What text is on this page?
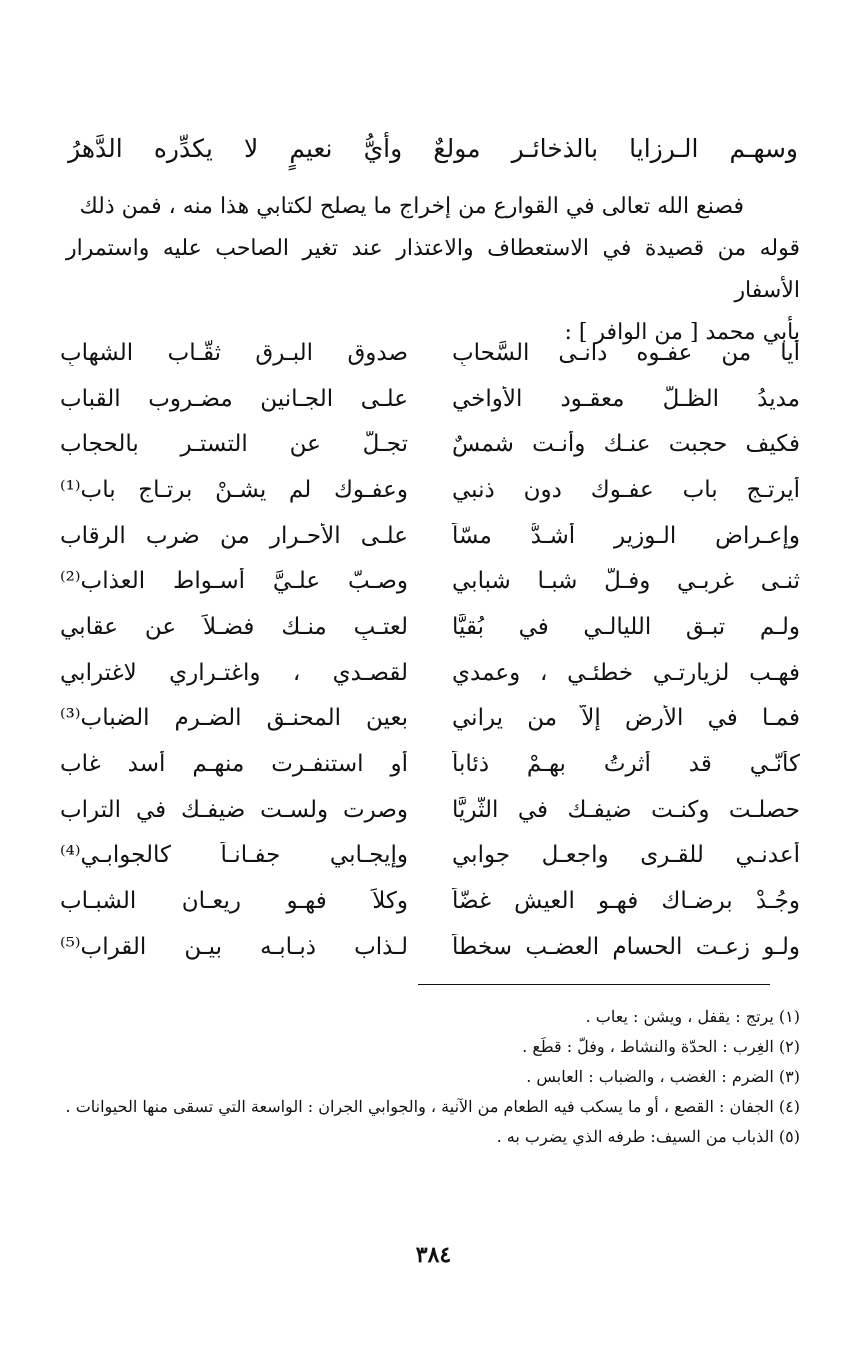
وسهـم
الـرزايا
بالذخائـر
مولعٌ
وأيُّ
نعيمٍ
لا
يكدِّره
الدَّهرُ

فصنع الله تعالى في القوارع من إخراج ما يصلح لكتابي هذا منه ، فمن ذلك

قوله من قصيدة في الاستعطاف والاعتذار عند تغير الصاحب عليه واستمرار الأسفار

بأبي محمد [ من الوافر ] :

أيا من عفـوه دانـى السَّحابِ
صدوق البـرق ثقَّـاب الشهابِ
مديدُ الظـلّ معقـود الأواخي
علـى الجـانين مضـروب القباب
فكيف حجبت عنـك وأنـت شمسٌ
تجـلُّ عن التستـر بالحجاب
أيرتـج باب عفـوك دون ذنبي
وعفـوك لم يشـنْ برتـاج باب⁽¹⁾
وإعـراض الـوزير أشـدُّ مسّاً
علـى الأحـرار من ضرب الرقاب
ثنـى غربـي وفـلّ شبـا شبابي
وصـبّ علـيَّ أسـواط العذاب⁽²⁾
ولـم تبـق الليالـي في بُقيًّا
لعتـبٍ منـك فضـلاً عن عقابي
فهـب لزيارتـي خطئـي ، وعمدي
لقصـدي ، واغتـراري لاغترابي
فمـا في الأرض إلاّ من يراني
بعين المحنـق الضـرم الضباب⁽³⁾
كأنّـي قد أثرتُ بهـمْ ذئاباً
أو استنفـرت منهـم أسد غاب
حصلـت وكنـت ضيفـك في الثّريَّا
وصرت ولسـت ضيفـك في التراب
أعدنـي للقـرى واجعـل جوابي
وإيجـابي جفـانـاً كالجوابـي⁽⁴⁾
وجُـدْ برضـاك فهـو العيش غضّاً
وكلاً فهـو ريعـان الشبـاب
ولـو زعـت الحسام العضـب سخطاً
لـذاب ذبـابـه بيـن القراب⁽⁵⁾

(١) يرتج : يقفل ، ويشن : يعاب .

(٢) الغِرب : الحدّة والنشاط ، وفلّ : قطَع .

(٣) الضرم : الغضب ، والضباب : العابس .

(٤) الجفان : القصع ، أو ما يسكب فيه الطعام من الآنية ، والجوابي الجران : الواسعة التي تسقى منها الحيوانات .

(٥) الذباب من السيف: طرفه الذي يضرب به .

٣٨٤
